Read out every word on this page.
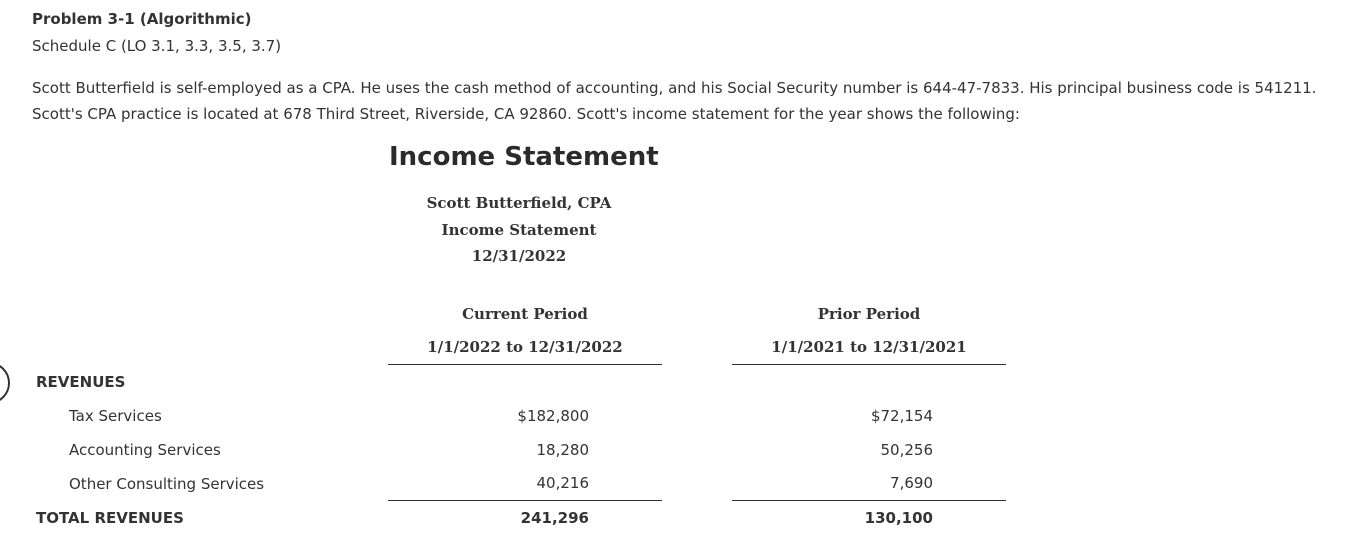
Problem 3-1 (Algorithmic)
Schedule C (LO 3.1, 3.3, 3.5, 3.7)
Scott Butterfield is self-employed as a CPA. He uses the cash method of accounting, and his Social Security number is 644-47-7833. His principal business code is 541211.
Scott's CPA practice is located at 678 Third Street, Riverside, CA 92860. Scott's income statement for the year shows the following:
Income Statement
Scott Butterfield, CPA
Income Statement
12/31/2022
Current Period
1/1/2022 to 12/31/2022
Prior Period
1/1/2021 to 12/31/2021
REVENUES
Tax Services	$182,800	$72,154
Accounting Services	18,280	50,256
Other Consulting Services	40,216	7,690
TOTAL REVENUES	241,296	130,100
